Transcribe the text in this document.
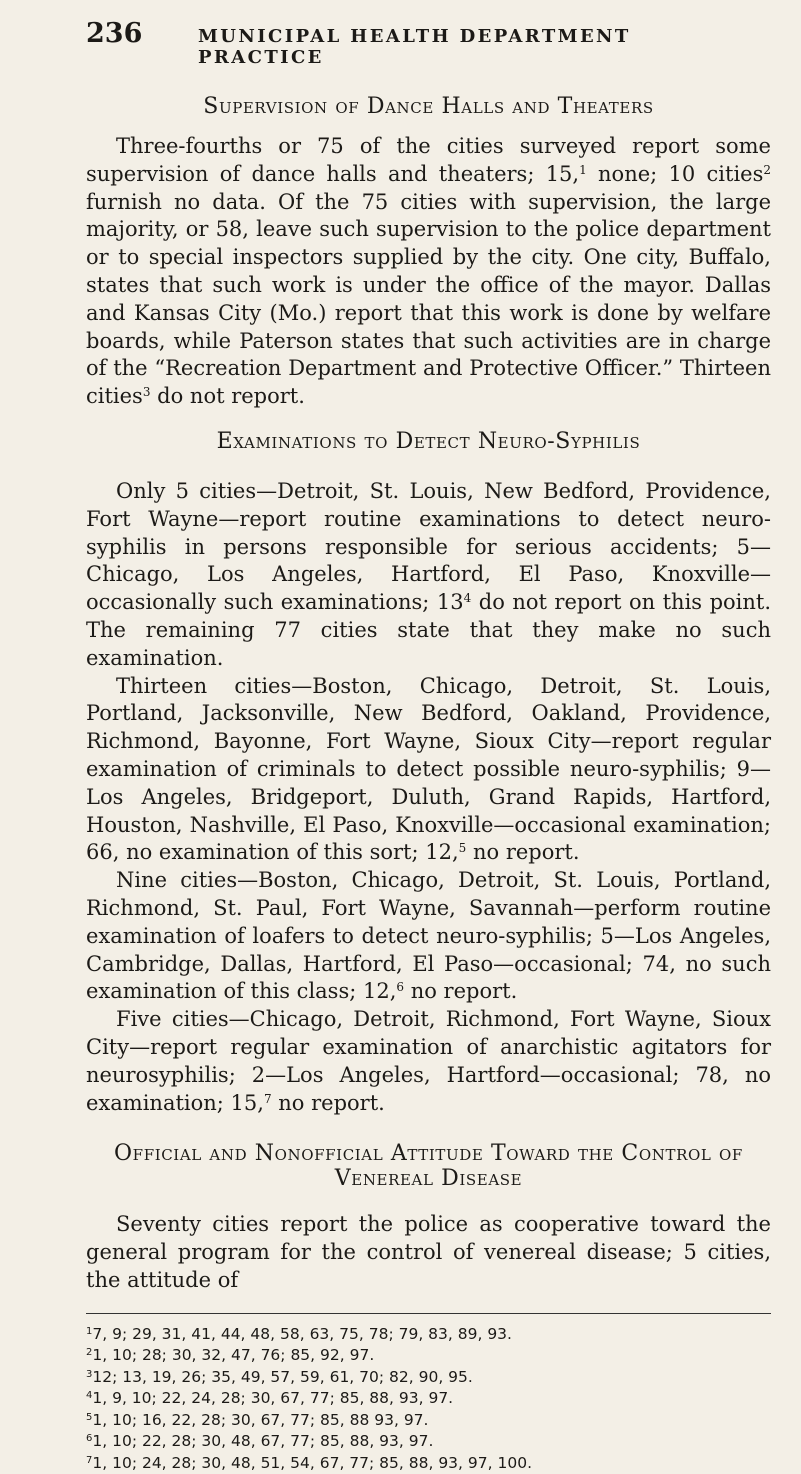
236	MUNICIPAL HEALTH DEPARTMENT PRACTICE
Supervision of Dance Halls and Theaters

Three-fourths or 75 of the cities surveyed report some supervision of dance halls and theaters; 15,$^1$ none; 10 cities$^2$ furnish no data. Of the 75 cities with supervision, the large majority, or 58, leave such supervision to the police department or to special inspectors supplied by the city. One city, Buffalo, states that such work is under the office of the mayor. Dallas and Kansas City (Mo.) report that this work is done by welfare boards, while Paterson states that such activities are in charge of the “Recreation Department and Protective Officer.” Thirteen cities$^3$ do not report.

Examinations to Detect Neuro-Syphilis

Only 5 cities—Detroit, St. Louis, New Bedford, Providence, Fort Wayne—report routine examinations to detect neuro-syphilis in persons responsible for serious accidents; 5—Chicago, Los Angeles, Hartford, El Paso, Knoxville—occasionally such examinations; $13^4$ do not report on this point. The remaining 77 cities state that they make no such examination.

Thirteen cities—Boston, Chicago, Detroit, St. Louis, Portland, Jacksonville, New Bedford, Oakland, Providence, Richmond, Bayonne, Fort Wayne, Sioux City—report regular examination of criminals to detect possible neuro-syphilis; 9—Los Angeles, Bridgeport, Duluth, Grand Rapids, Hartford, Houston, Nashville, El Paso, Knoxville—occasional examination; 66, no examination of this sort; 12,$^5$ no report.

Nine cities—Boston, Chicago, Detroit, St. Louis, Portland, Richmond, St. Paul, Fort Wayne, Savannah—perform routine examination of loafers to detect neuro-syphilis; 5—Los Angeles, Cambridge, Dallas, Hartford, El Paso—occasional; 74, no such examination of this class; 12,$^6$ no report.

Five cities—Chicago, Detroit, Richmond, Fort Wayne, Sioux City—report regular examination of anarchistic agitators for neurosyphilis; 2—Los Angeles, Hartford—occasional; 78, no examination; 15,$^7$ no report.

Official and Nonofficial Attitude Toward the Control of
Venereal Disease

Seventy cities report the police as cooperative toward the general program for the control of venereal disease; 5 cities, the attitude of

$^1$7, 9; 29, 31, 41, 44, 48, 58, 63, 75, 78; 79, 83, 89, 93.
$^2$1, 10; 28; 30, 32, 47, 76; 85, 92, 97.
$^3$12; 13, 19, 26; 35, 49, 57, 59, 61, 70; 82, 90, 95.
$^4$1, 9, 10; 22, 24, 28; 30, 67, 77; 85, 88, 93, 97.
$^5$1, 10; 16, 22, 28; 30, 67, 77; 85, 88 93, 97.
$^6$1, 10; 22, 28; 30, 48, 67, 77; 85, 88, 93, 97.
$^7$1, 10; 24, 28; 30, 48, 51, 54, 67, 77; 85, 88, 93, 97, 100.
